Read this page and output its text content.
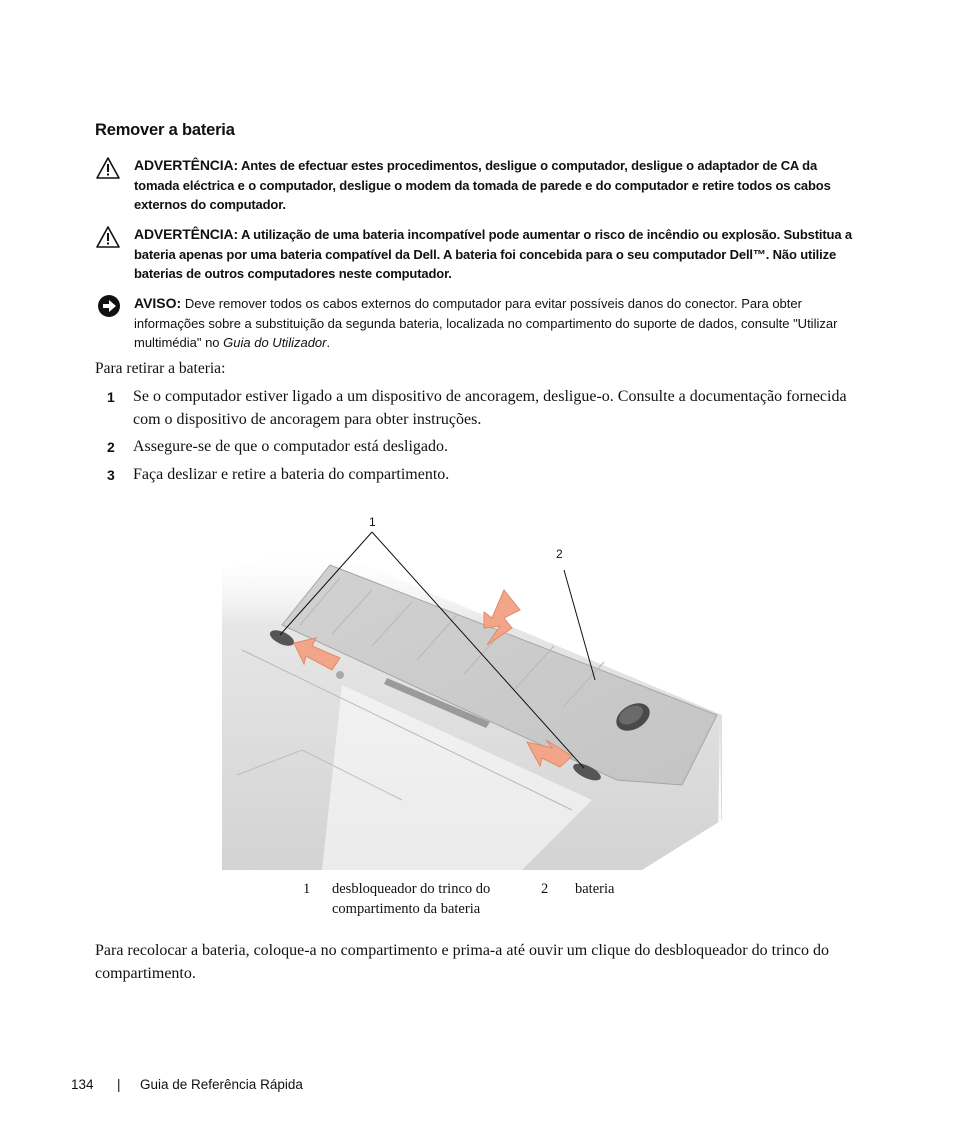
Remover a bateria
ADVERTÊNCIA: Antes de efectuar estes procedimentos, desligue o computador, desligue o adaptador de CA da tomada eléctrica e o computador, desligue o modem da tomada de parede e do computador e retire todos os cabos externos do computador.
ADVERTÊNCIA: A utilização de uma bateria incompatível pode aumentar o risco de incêndio ou explosão. Substitua a bateria apenas por uma bateria compatível da Dell. A bateria foi concebida para o seu computador Dell™. Não utilize baterias de outros computadores neste computador.
AVISO: Deve remover todos os cabos externos do computador para evitar possíveis danos do conector. Para obter informações sobre a substituição da segunda bateria, localizada no compartimento do suporte de dados, consulte "Utilizar multimédia" no Guia do Utilizador.
Para retirar a bateria:
1 Se o computador estiver ligado a um dispositivo de ancoragem, desligue-o. Consulte a documentação fornecida com o dispositivo de ancoragem para obter instruções.
2 Assegure-se de que o computador está desligado.
3 Faça deslizar e retire a bateria do compartimento.
1
2
1 desbloqueador do trinco do compartimento da bateria
2 bateria
Para recolocar a bateria, coloque-a no compartimento e prima-a até ouvir um clique do desbloqueador do trinco do compartimento.
134 | Guia de Referência Rápida
